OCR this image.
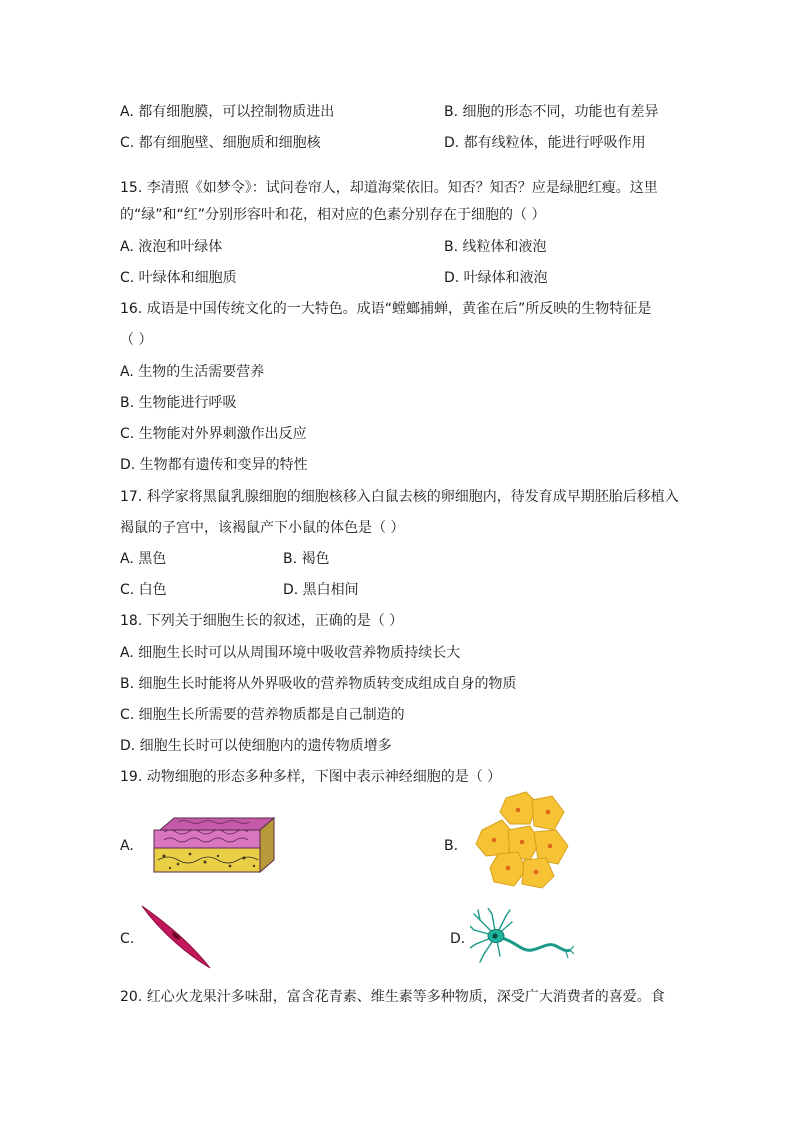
A. 都有细胞膜，可以控制物质进出	B. 细胞的形态不同，功能也有差异
C. 都有细胞壁、细胞质和细胞核	D. 都有线粒体，能进行呼吸作用
15. 李清照《如梦令》：试问卷帘人，却道海棠依旧。知否？知否？应是绿肥红瘦。这里
的“绿”和“红”分别形容叶和花，相对应的色素分别存在于细胞的（ ）
A. 液泡和叶绿体	B. 线粒体和液泡
C. 叶绿体和细胞质	D. 叶绿体和液泡
16. 成语是中国传统文化的一大特色。成语“螳螂捕蝉，黄雀在后”所反映的生物特征是
（ ）
A. 生物的生活需要营养
B. 生物能进行呼吸
C. 生物能对外界刺激作出反应
D. 生物都有遗传和变异的特性
17. 科学家将黑鼠乳腺细胞的细胞核移入白鼠去核的卵细胞内，待发育成早期胚胎后移植入
褐鼠的子宫中，该褐鼠产下小鼠的体色是（ ）
A. 黑色	B. 褐色
C. 白色	D. 黑白相间
18. 下列关于细胞生长的叙述，正确的是（ ）
A. 细胞生长时可以从周围环境中吸收营养物质持续长大
B. 细胞生长时能将从外界吸收的营养物质转变成组成自身的物质
C. 细胞生长所需要的营养物质都是自己制造的
D. 细胞生长时可以使细胞内的遗传物质增多
19. 动物细胞的形态多种多样，下图中表示神经细胞的是（ ）
A.	B.
C.	D.
20. 红心火龙果汁多味甜，富含花青素、维生素等多种物质，深受广大消费者的喜爱。食
